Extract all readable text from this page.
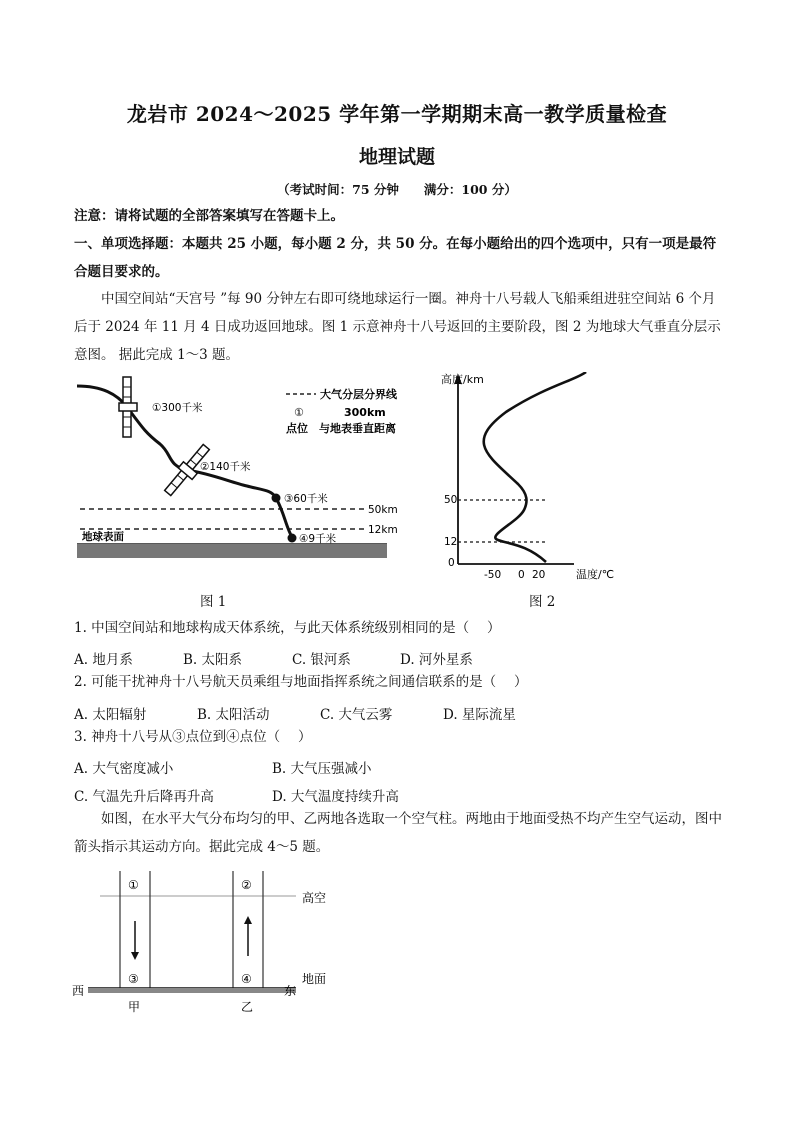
龙岩市 2024～2025 学年第一学期期末高一教学质量检查
地理试题
（考试时间：75 分钟　　满分：100 分）
注意：请将试题的全部答案填写在答题卡上。
一、单项选择题：本题共 25 小题，每小题 2 分，共 50 分。在每小题给出的四个选项中，只有一项是最符合题目要求的。
中国空间站“天宫号 ”每 90 分钟左右即可绕地球运行一圈。神舟十八号载人飞船乘组进驻空间站 6 个月 后于 2024 年 11 月 4 日成功返回地球。图 1 示意神舟十八号返回的主要阶段，图 2 为地球大气垂直分层示意图。 据此完成 1～3 题。
①300千米
②140千米
③60千米
④9千米
50km
12km
地球表面
大气分层分界线
①	300km
点位 与地表垂直距离
图 1
高度/km
50
12
0
-50 0 20	温度/℃
图 2
1. 中国空间站和地球构成天体系统，与此天体系统级别相同的是（　 ）
A. 地月系	B. 太阳系	C. 银河系	D. 河外星系
2. 可能干扰神舟十八号航天员乘组与地面指挥系统之间通信联系的是（　 ）
A. 太阳辐射	B. 太阳活动	C. 大气云雾	D. 星际流星
3. 神舟十八号从③点位到④点位（　 ）
A. 大气密度减小	B. 大气压强减小
C. 气温先升后降再升高	D. 大气温度持续升高
如图，在水平大气分布均匀的甲、乙两地各选取一个空气柱。两地由于地面受热不均产生空气运动，图中 箭头指示其运动方向。据此完成 4～5 题。
①	②
③	④
高空
地面
西	东
甲	乙
